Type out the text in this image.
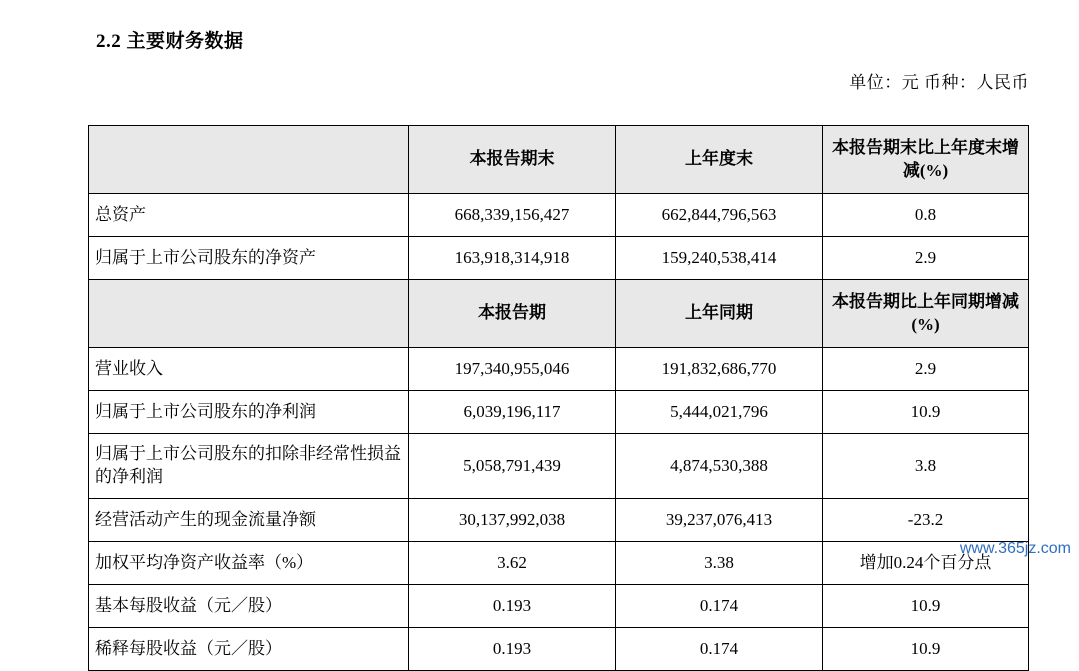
2.2 主要财务数据
单位：元 币种：人民币
	本报告期末	上年度末	本报告期末比上年度末增减(%)
总资产	668,339,156,427	662,844,796,563	0.8
归属于上市公司股东的净资产	163,918,314,918	159,240,538,414	2.9
	本报告期	上年同期	本报告期比上年同期增减(%)
营业收入	197,340,955,046	191,832,686,770	2.9
归属于上市公司股东的净利润	6,039,196,117	5,444,021,796	10.9
归属于上市公司股东的扣除非经常性损益的净利润	5,058,791,439	4,874,530,388	3.8
经营活动产生的现金流量净额	30,137,992,038	39,237,076,413	-23.2
加权平均净资产收益率（%）	3.62	3.38	增加0.24个百分点
基本每股收益（元／股）	0.193	0.174	10.9
稀释每股收益（元／股）	0.193	0.174	10.9
www.365jz.com
